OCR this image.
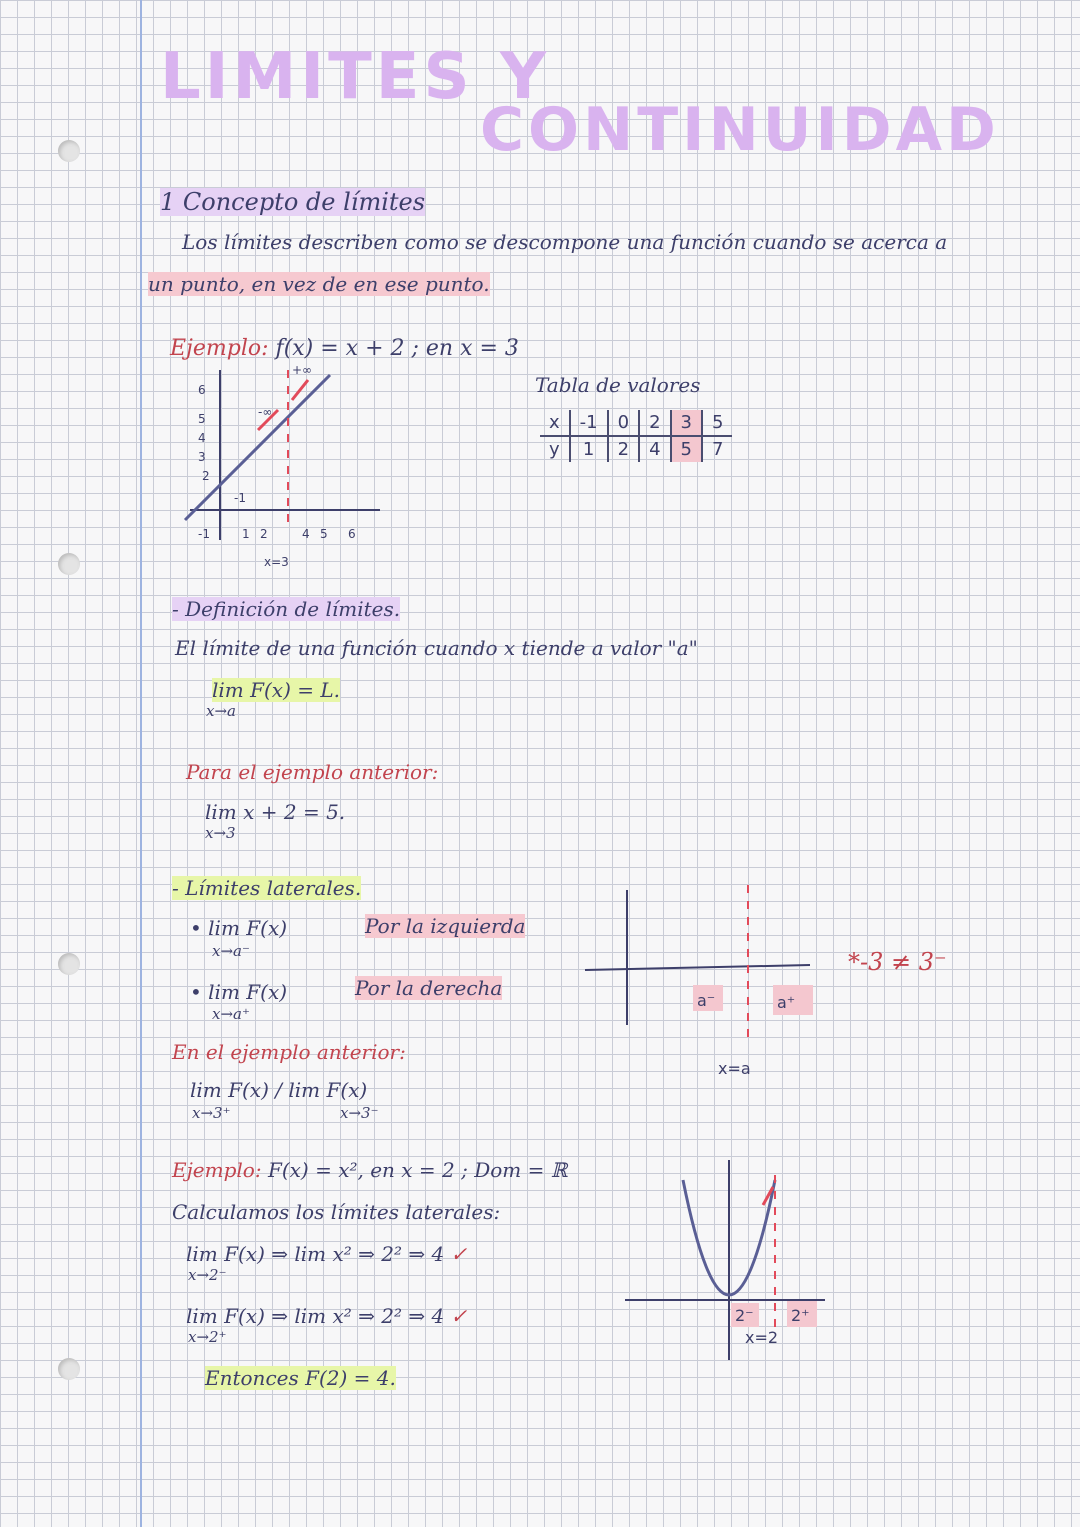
LIMITES Y
CONTINUIDAD
1 Concepto de límites
Los límites describen como se descompone una función cuando se acerca a
un punto, en vez de en ese punto.
Ejemplo: f(x) = x + 2 ; en x = 3
6
5
4
3
2
-1	1 2	4 5 6
x=3
-∞
+∞
-1
Tabla de valores
x	-1	0	2	3	5
y	1	2	4	5	7
- Definición de límites.
El límite de una función cuando x tiende a valor "a"
lim F(x) = L.
x→a
Para el ejemplo anterior:
lim x + 2 = 5.
x→3
- Límites laterales.
• lim F(x)
x→a⁻
Por la izquierda
• lim F(x)
x→a⁺
Por la derecha
a⁻	a⁺
x=a
*-3 ≠ 3⁻
En el ejemplo anterior:
lim F(x) / lim F(x)
x→3⁺	x→3⁻
Ejemplo: F(x) = x², en x = 2 ; Dom = ℝ
Calculamos los límites laterales:
lim F(x) ⇒ lim x² ⇒ 2² ⇒ 4 ✓
x→2⁻
lim F(x) ⇒ lim x² ⇒ 2² ⇒ 4 ✓
x→2⁺
Entonces F(2) = 4.
2⁻ 2⁺
x=2
